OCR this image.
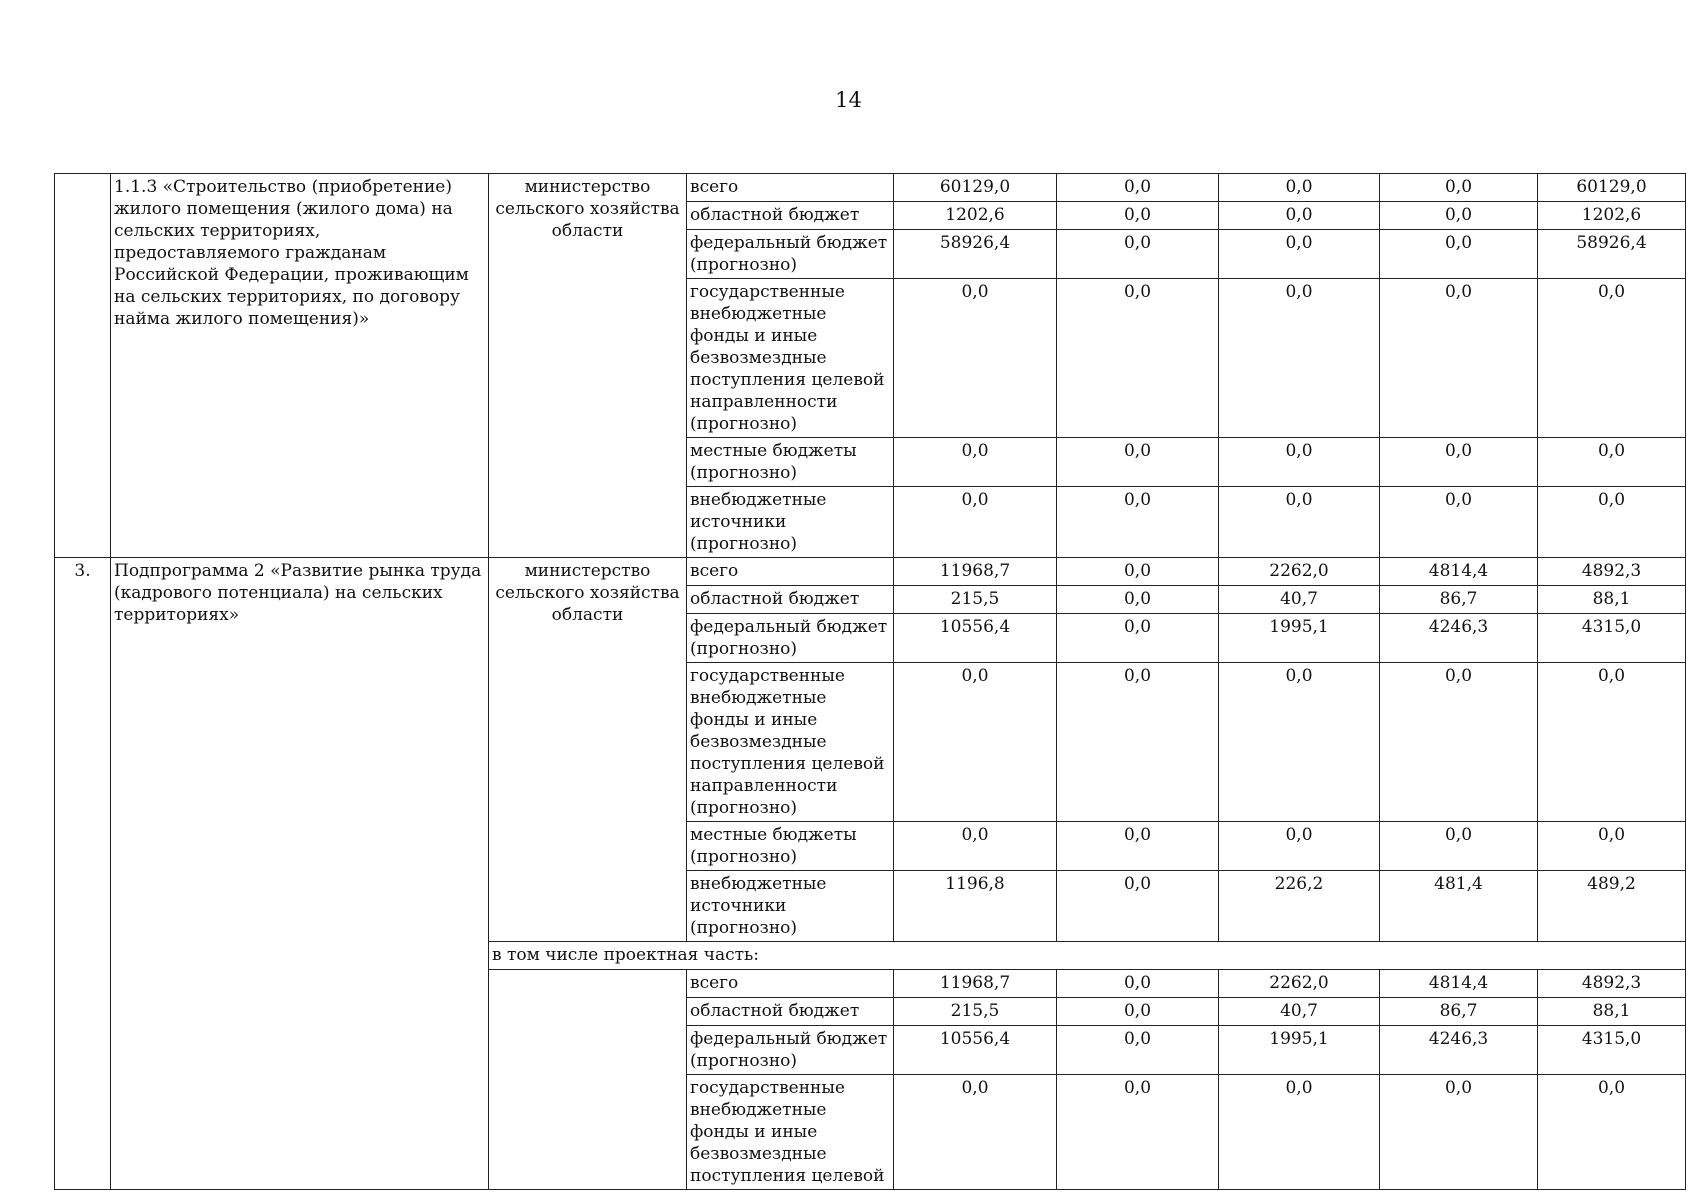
14
	1.1.3 «Строительство (приобретение) жилого помещения (жилого дома) на сельских территориях, предоставляемого гражданам Российской Федерации, проживающим на сельских территориях, по договору найма жилого помещения)»	министерство сельского хозяйства области	всего	60129,0	0,0	0,0	0,0	60129,0
			областной бюджет	1202,6	0,0	0,0	0,0	1202,6
			федеральный бюджет (прогнозно)	58926,4	0,0	0,0	0,0	58926,4
			государственные внебюджетные фонды и иные безвозмездные поступления целевой направленности (прогнозно)	0,0	0,0	0,0	0,0	0,0
			местные бюджеты (прогнозно)	0,0	0,0	0,0	0,0	0,0
			внебюджетные источники (прогнозно)	0,0	0,0	0,0	0,0	0,0
3.	Подпрограмма 2 «Развитие рынка труда (кадрового потенциала) на сельских территориях»	министерство сельского хозяйства области	всего	11968,7	0,0	2262,0	4814,4	4892,3
			областной бюджет	215,5	0,0	40,7	86,7	88,1
			федеральный бюджет (прогнозно)	10556,4	0,0	1995,1	4246,3	4315,0
			государственные внебюджетные фонды и иные безвозмездные поступления целевой направленности (прогнозно)	0,0	0,0	0,0	0,0	0,0
			местные бюджеты (прогнозно)	0,0	0,0	0,0	0,0	0,0
			внебюджетные источники (прогнозно)	1196,8	0,0	226,2	481,4	489,2
		в том числе проектная часть:						
			всего	11968,7	0,0	2262,0	4814,4	4892,3
			областной бюджет	215,5	0,0	40,7	86,7	88,1
			федеральный бюджет (прогнозно)	10556,4	0,0	1995,1	4246,3	4315,0
			государственные внебюджетные фонды и иные безвозмездные поступления целевой	0,0	0,0	0,0	0,0	0,0
